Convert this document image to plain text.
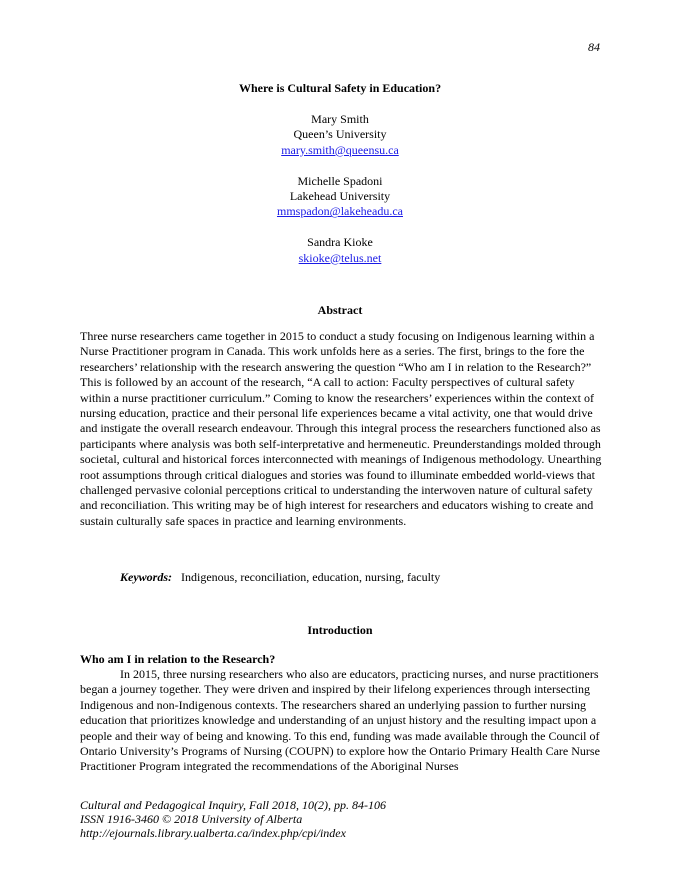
84
Where is Cultural Safety in Education?
Mary Smith
Queen’s University
mary.smith@queensu.ca
Michelle Spadoni
Lakehead University
mmspadon@lakeheadu.ca
Sandra Kioke
skioke@telus.net
Abstract

Three nurse researchers came together in 2015 to conduct a study focusing on Indigenous learning within a Nurse Practitioner program in Canada. This work unfolds here as a series. The first, brings to the fore the researchers’ relationship with the research answering the question “Who am I in relation to the Research?” This is followed by an account of the research, “A call to action: Faculty perspectives of cultural safety within a nurse practitioner curriculum.” Coming to know the researchers’ experiences within the context of nursing education, practice and their personal life experiences became a vital activity, one that would drive and instigate the overall research endeavour. Through this integral process the researchers functioned also as participants where analysis was both self-interpretative and hermeneutic. Preunderstandings molded through societal, cultural and historical forces interconnected with meanings of Indigenous methodology. Unearthing root assumptions through critical dialogues and stories was found to illuminate embedded world-views that challenged pervasive colonial perceptions critical to understanding the interwoven nature of cultural safety and reconciliation. This writing may be of high interest for researchers and educators wishing to create and sustain culturally safe spaces in practice and learning environments.

Keywords: Indigenous, reconciliation, education, nursing, faculty
Introduction
Who am I in relation to the Research?

In 2015, three nursing researchers who also are educators, practicing nurses, and nurse practitioners began a journey together. They were driven and inspired by their lifelong experiences through intersecting Indigenous and non-Indigenous contexts. The researchers shared an underlying passion to further nursing education that prioritizes knowledge and understanding of an unjust history and the resulting impact upon a people and their way of being and knowing. To this end, funding was made available through the Council of Ontario University’s Programs of Nursing (COUPN) to explore how the Ontario Primary Health Care Nurse Practitioner Program integrated the recommendations of the Aboriginal Nurses

Cultural and Pedagogical Inquiry, Fall 2018, 10(2), pp. 84-106
ISSN 1916-3460 © 2018 University of Alberta
http://ejournals.library.ualberta.ca/index.php/cpi/index
